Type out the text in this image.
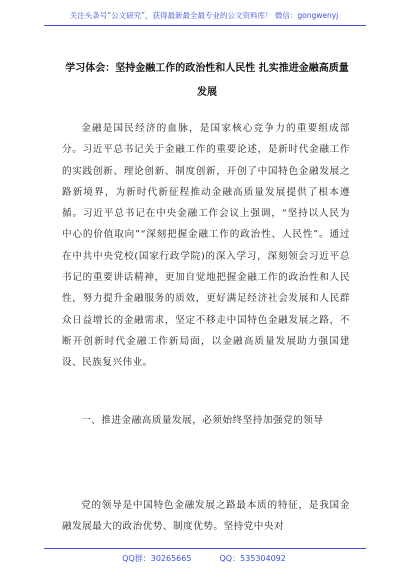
关注头条号“公文研究”，获得最新最全最专业的公文资料库！ 微信：gongwenyj
学习体会：坚持金融工作的政治性和人民性 扎实推进金融高质量发展

金融是国民经济的血脉，是国家核心竞争力的重要组成部分。习近平总书记关于金融工作的重要论述，是新时代金融工作的实践创新、理论创新、制度创新，开创了中国特色金融发展之路新境界，为新时代新征程推动金融高质量发展提供了根本遵循。习近平总书记在中央金融工作会议上强调，“坚持以人民为中心的价值取向”“深刻把握金融工作的政治性、人民性”。通过在中共中央党校(国家行政学院)的深入学习，深刻领会习近平总书记的重要讲话精神，更加自觉地把握金融工作的政治性和人民性，努力提升金融服务的质效，更好满足经济社会发展和人民群众日益增长的金融需求，坚定不移走中国特色金融发展之路，不断开创新时代金融工作新局面，以金融高质量发展助力强国建设、民族复兴伟业。

一、推进金融高质量发展，必须始终坚持加强党的领导

党的领导是中国特色金融发展之路最本质的特征，是我国金融发展最大的政治优势、制度优势。坚持党中央对

QQ群：30265665	QQ：535304092
